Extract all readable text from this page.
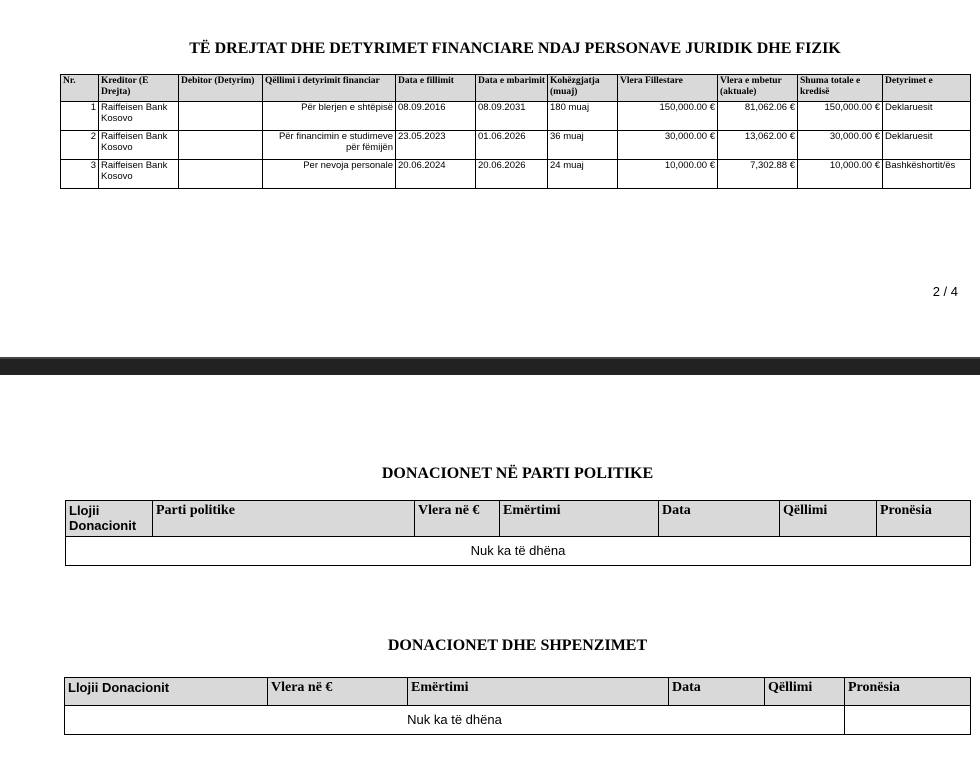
TË DREJTAT DHE DETYRIMET FINANCIARE NDAJ PERSONAVE JURIDIK DHE FIZIK
Nr.	Kreditor (E Drejta)	Debitor (Detyrim)	Qëllimi i detyrimit financiar	Data e fillimit	Data e mbarimit	Kohëzgjatja (muaj)	Vlera Fillestare	Vlera e mbetur (aktuale)	Shuma totale e kredisë	Detyrimet e
1	Raiffeisen Bank Kosovo		Për blerjen e shtëpisë	08.09.2016	08.09.2031	180 muaj	150,000.00 €	81,062.06 €	150,000.00 €	Deklaruesit
2	Raiffeisen Bank Kosovo		Për financimin e studimeve për fëmijën	23.05.2023	01.06.2026	36 muaj	30,000.00 €	13,062.00 €	30,000.00 €	Deklaruesit
3	Raiffeisen Bank Kosovo		Per nevoja personale	20.06.2024	20.06.2026	24 muaj	10,000.00 €	7,302.88 €	10,000.00 €	Bashkëshortit/ës
2 / 4
DONACIONET NË PARTI POLITIKE
Llojii Donacionit	Parti politike	Vlera në €	Emërtimi	Data	Qëllimi	Pronësia
Nuk ka të dhëna
DONACIONET DHE SHPENZIMET
Llojii Donacionit	Vlera në €	Emërtimi	Data	Qëllimi	Pronësia
Nuk ka të dhëna					
